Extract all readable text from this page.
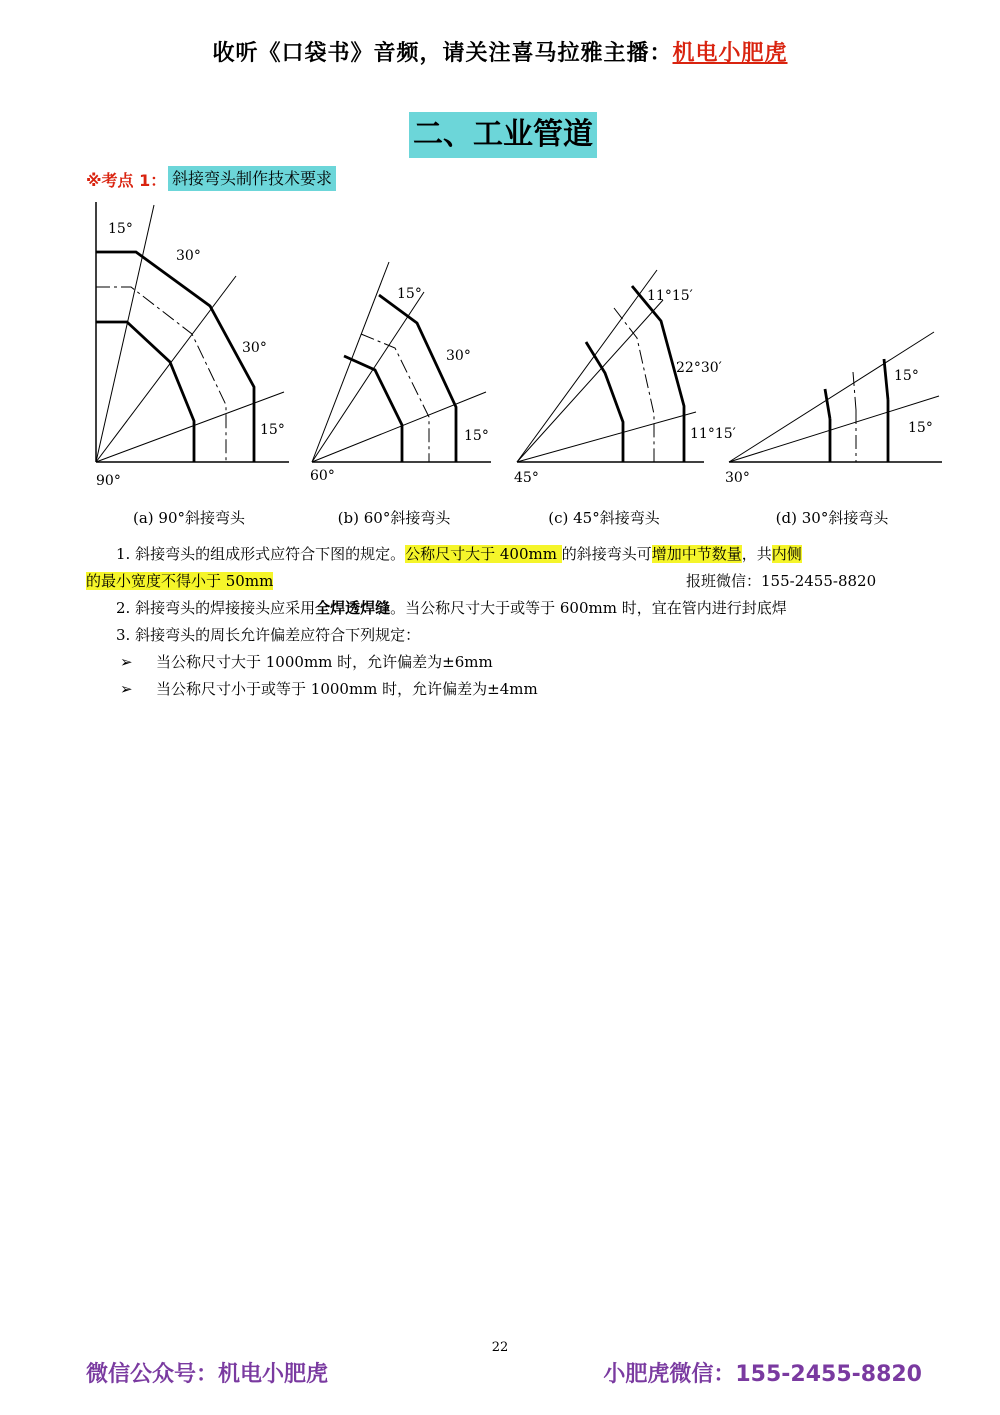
收听《口袋书》音频，请关注喜马拉雅主播：机电小肥虎
二、工业管道
※考点 1： 斜接弯头制作技术要求
15°
30°
30°
15°
90°
15°
30°
15°
60°
11°15′
22°30′
11°15′
45°
15°
15°
30°
(a) 90°斜接弯头	(b) 60°斜接弯头	(c) 45°斜接弯头	(d) 30°斜接弯头
1. 斜接弯头的组成形式应符合下图的规定。公称尺寸大于 400mm 的斜接弯头可增加中节数量，共内侧
的最小宽度不得小于 50mm	报班微信：155-2455-8820
2. 斜接弯头的焊接接头应采用全焊透焊缝。当公称尺寸大于或等于 600mm 时，宜在管内进行封底焊
3. 斜接弯头的周长允许偏差应符合下列规定：
➢ 当公称尺寸大于 1000mm 时，允许偏差为±6mm
➢ 当公称尺寸小于或等于 1000mm 时，允许偏差为±4mm
22
微信公众号：机电小肥虎	小肥虎微信：155-2455-8820
